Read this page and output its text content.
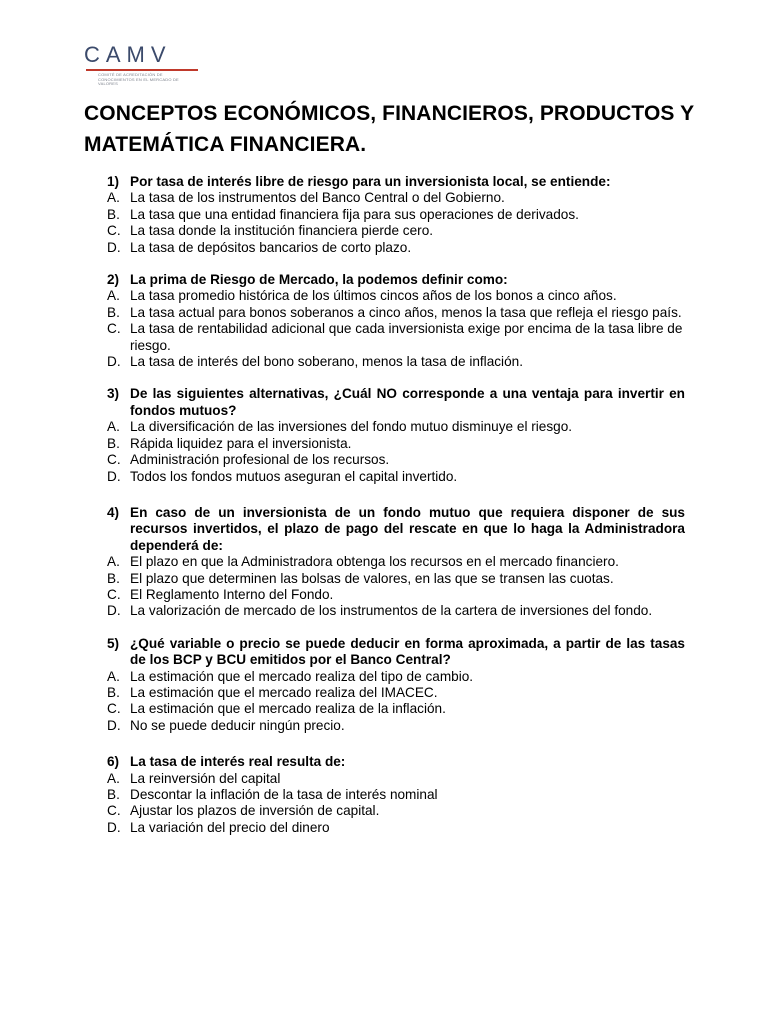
CAMV
COMITÉ DE ACREDITACIÓN DE CONOCIMIENTOS EN EL MERCADO DE VALORES
CONCEPTOS ECONÓMICOS, FINANCIEROS, PRODUCTOS Y MATEMÁTICA FINANCIERA.
1) Por tasa de interés libre de riesgo para un inversionista local, se entiende:
A. La tasa de los instrumentos del Banco Central o del Gobierno.
B. La tasa que una entidad financiera fija para sus operaciones de derivados.
C. La tasa donde la institución financiera pierde cero.
D. La tasa de depósitos bancarios de corto plazo.
2) La prima de Riesgo de Mercado, la podemos definir como:
A. La tasa promedio histórica de los últimos cincos años de los bonos a cinco años.
B. La tasa actual para bonos soberanos a cinco años, menos la tasa que refleja el riesgo país.
C. La tasa de rentabilidad adicional que cada inversionista exige por encima de la tasa libre de riesgo.
D. La tasa de interés del bono soberano, menos la tasa de inflación.
3) De las siguientes alternativas, ¿Cuál NO corresponde a una ventaja para invertir en fondos mutuos?
A. La diversificación de las inversiones del fondo mutuo disminuye el riesgo.
B. Rápida liquidez para el inversionista.
C. Administración profesional de los recursos.
D. Todos los fondos mutuos aseguran el capital invertido.
4) En caso de un inversionista de un fondo mutuo que requiera disponer de sus recursos invertidos, el plazo de pago del rescate en que lo haga la Administradora dependerá de:
A. El plazo en que la Administradora obtenga los recursos en el mercado financiero.
B. El plazo que determinen las bolsas de valores, en las que se transen las cuotas.
C. El Reglamento Interno del Fondo.
D. La valorización de mercado de los instrumentos de la cartera de inversiones del fondo.
5) ¿Qué variable o precio se puede deducir en forma aproximada, a partir de las tasas de los BCP y BCU emitidos por el Banco Central?
A. La estimación que el mercado realiza del tipo de cambio.
B. La estimación que el mercado realiza del IMACEC.
C. La estimación que el mercado realiza de la inflación.
D. No se puede deducir ningún precio.
6) La tasa de interés real resulta de:
A. La reinversión del capital
B. Descontar la inflación de la tasa de interés nominal
C. Ajustar los plazos de inversión de capital.
D. La variación del precio del dinero
